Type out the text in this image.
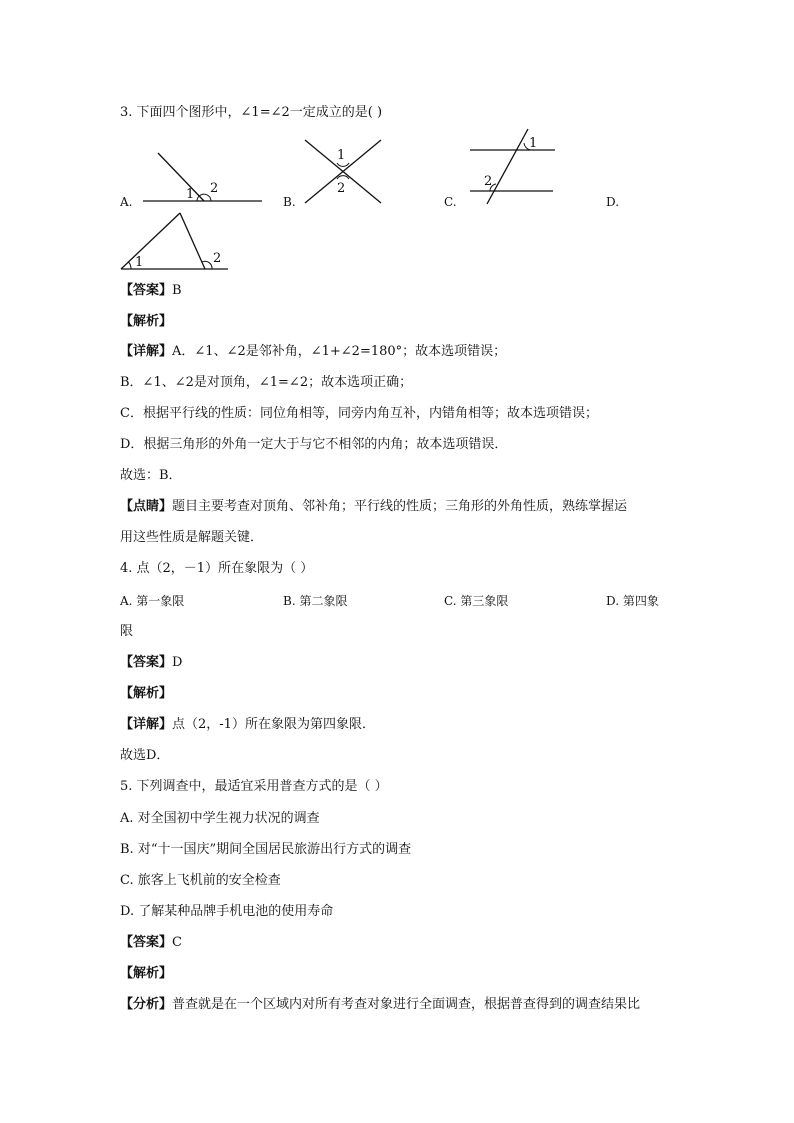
3. 下面四个图形中，∠1=∠2一定成立的是( )
1 2
A.
1
2
B.
1
2
C.	D.
1	2
【答案】B
【解析】
【详解】A．∠1、∠2是邻补角，∠1+∠2=180°；故本选项错误；
B．∠1、∠2是对顶角，∠1=∠2；故本选项正确；
C．根据平行线的性质：同位角相等，同旁内角互补，内错角相等；故本选项错误；
D．根据三角形的外角一定大于与它不相邻的内角；故本选项错误．
故选：B．
【点睛】题目主要考查对顶角、邻补角；平行线的性质；三角形的外角性质，熟练掌握运
用这些性质是解题关键．
4. 点（2，－1）所在象限为（ ）
A. 第一象限	B. 第二象限	C. 第三象限	D. 第四象
限
【答案】D
【解析】
【详解】点（2，-1）所在象限为第四象限．
故选D．
5. 下列调查中，最适宜采用普查方式的是（ ）
A. 对全国初中学生视力状况的调查
B. 对“十一国庆”期间全国居民旅游出行方式的调查
C. 旅客上飞机前的安全检查
D. 了解某种品牌手机电池的使用寿命
【答案】C
【解析】
【分析】普查就是在一个区域内对所有考查对象进行全面调查，根据普查得到的调查结果比
